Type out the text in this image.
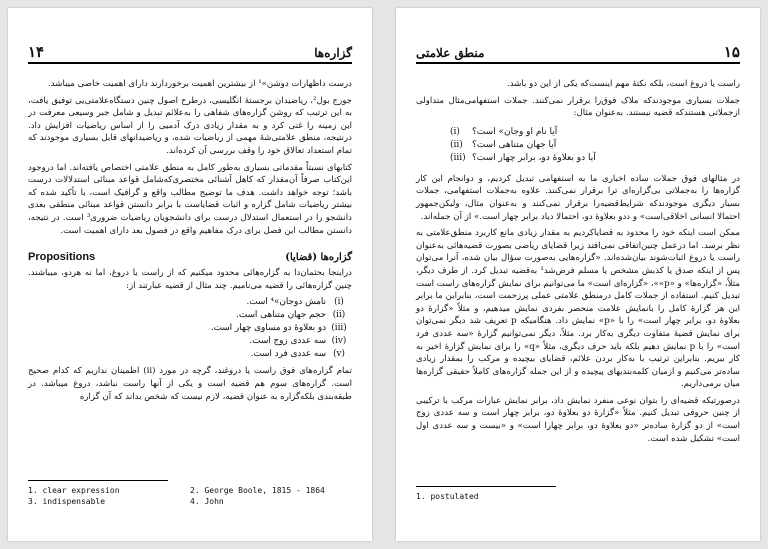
۱۴	گزاره‌ها

درست داظهارات دوشن»¹ از بیشترین اهمیت برخوردارند دارای اهمیت خاصی میباشد.

جورج بول²، ریاضیدان برجستهٔ انگلیسی، درطرح اصول چنین دستگاه‌علامتی‌یی توفیق یافت، به این ترتیب که روشن گزاره‌های شفاهی را به‌علائم تبدیل و شامل جبر وسیعی معرفت در این زمینه را غنی کرد و به مقدار زیادی درک آدمیی را از اساس ریاضیات افزایش داد. درنتیجه، منطق علامتی‌شهٔ مهمی از ریاضیات شده، و ریاضیدانهای قابل بسیاری موجودند که تمام استعداد تعالاق خود را وقف بررسی آن کرده‌اند.

کتابهای نسبتاً مقدماتی بسیاری به‌طور کامل به منطق علامتی اختصاص یافته‌اند. اما دروجود این‌کتاب صرفاً آن‌مقدار که کاهل آشنائی مختصری‌که‌شامل قواعد مبنائی استدلالات درست باشد؛ توجه خواهد داشت. هدف ما توضیح مطالب واقع و گرافیک است، با تأکید شده که بیشتر ریاضیات شامل گزاره و اثبات قضایاست با برابر دانستن قواعد مبنائی منطقی بعدی دانشجو را در استعمال استدلال درست برای دانشجویان ریاضیات ضروری³ است. در نتیجه، دانستن مطالب این فصل برای درک مفاهیم واقع در فصول بعد دارای اهمیت است.

Propositions	گزاره‌ها (قضایا)

دراینجا بحثمان‌دا به گزاره‌هائی محدود میکنیم که از راست یا دروغ، اما نه هردو، میباشند. چنین گزاره‌هائی را قضیه می‌نامیم. چند مثال از قضیه عبارتند از:

(i)
نامش دوجان»⁴ است.
(ii)
حجم جهان متناهی است.
(iii)
دو بعلاوهٔ دو مساوی چهار است.
(iv)
سه عددی زوج است.
(v)
سه عددی فرد است.

تمام گزاره‌های فوق راست یا دروغند، گرچه در مورد (ii) اطمینان نداریم که کدام صحیح است. گزاره‌های سوم هم قضیه است و یکی از آنها راست نباشد، دروغ میباشد. در طبقه‌بندی بلکه‌گزاره به عنوان قضیه، لازم نیست که شخص بداند که آن گزاره

1. clear expression	2. George Boole, 1815 - 1864
3. indispensable	4. John
منطق علامتی	۱۵

راست یا دروغ است، بلکه نکتهٔ مهم اینست‌که یکی از این دو باشد.

جملات بسیاری موجودند‌که ملاک فوق‌را برقرار نمی‌کنند. جملات استفهامی‌مثال متداولی ازجملاتی هستند‌که قضیه نیستند. به‌عنوان مثال:

(i)	آیا نام او وجان» است؟
(ii)	آیا جهان متناهی است؟
(iii) آیا دو بعلاوهٔ دو، برابر چهار است؟

در مثالهای فوق جملات ساده اخباری ما به استفهامی تبدیل کردیم، و دوانجام این کار گزاره‌ها را به‌جملاتی بی‌گزاره‌ای ترا برقرار نمی‌کنند. علاوه به‌جملات استفهامی، جملات بسیار دیگری موجودند‌که شرایط‌قضیه‌را برقرار نمی‌کنند و به‌عنوان مثال، ولیکن‌جمهور احتمالا انسانی اخلاقی‌است» و ددو بعلاوهٔ دو، احتمالا دیاد برابر چهار است.» از آن جمله‌اند.

ممکن است اینکه خود را محدود به قضایاکردیم به مقدار زیادی مانع کاربرد منطق‌علامتی به نظر برسد. اما درعمل چنین‌اتفاقی نمی‌افتد زیرا قضایای ریاضی بصورت قضیه‌هائی به‌عنوان راست یا دروغ اثبات‌شوند بیان‌شده‌اند. «گزاره‌هایی به‌صورت سؤال بیان شده، آنرا می‌توان پس از اینکه صدق یا کذبش مشخص یا مسلم فرض‌شد¹ به‌قضیه تبدیل کرد. از طرف دیگر، مثلاً، «گزاره‌ها» و «p»»، «گزاره‌ای است» ما می‌توانیم برای نمایش گزاره‌های راست است تبدیل کنیم. استفاده از جملات کامل درمنطق علامتی عملی پرزحمت است، بنابراین ما برابر این هر گزارهٔ کامل را بانمایش علامت منحصر بفردی نمایش میدهیم، و مثلاً «گزارهٔ دو بعلاوهٔ دو، برابر چهار است» را با «p» نمایش داد. هنگامیکه p تعریف شد دیگر نمی‌توان برای نمایش قضیهٔ متفاوت دیگری به‌کار برد. مثلاً، دیگر نمی‌توانیم گزارهٔ «سه عددی فرد است» را با p نمایش دهیم بلکه باید حرف دیگری، مثلاً «q» را برای نمایش گزارهٔ اخیر به کار ببریم. بنابراین ترتیب با به‌کار بردن علائم، قضایای بیچیده و مرکب را بمقدار زیادی ساده‌تر می‌کنیم و ازمیان کلمه‌بندیهای پیچیده و از این جمله گزاره‌های کاملاً حقیقی گزاره‌ها میان برمی‌داریم.

درصورتیکه قضیه‌ای را بتوان نوعی منفرد نمایش داد، برابر نمایش عبارات مرکب با ترکیبی از چنین حروفی تبدیل کنیم. مثلاً «گزارهٔ دو بعلاوهٔ دو، برابر چهار است و سه عددی زوج است» از دو گزارهٔ ساده‌تر «دو بعلاوهٔ دو، برابر چهارا است» و «بیست و سه عددی اول است» تشکیل شده است.

1. postulated
